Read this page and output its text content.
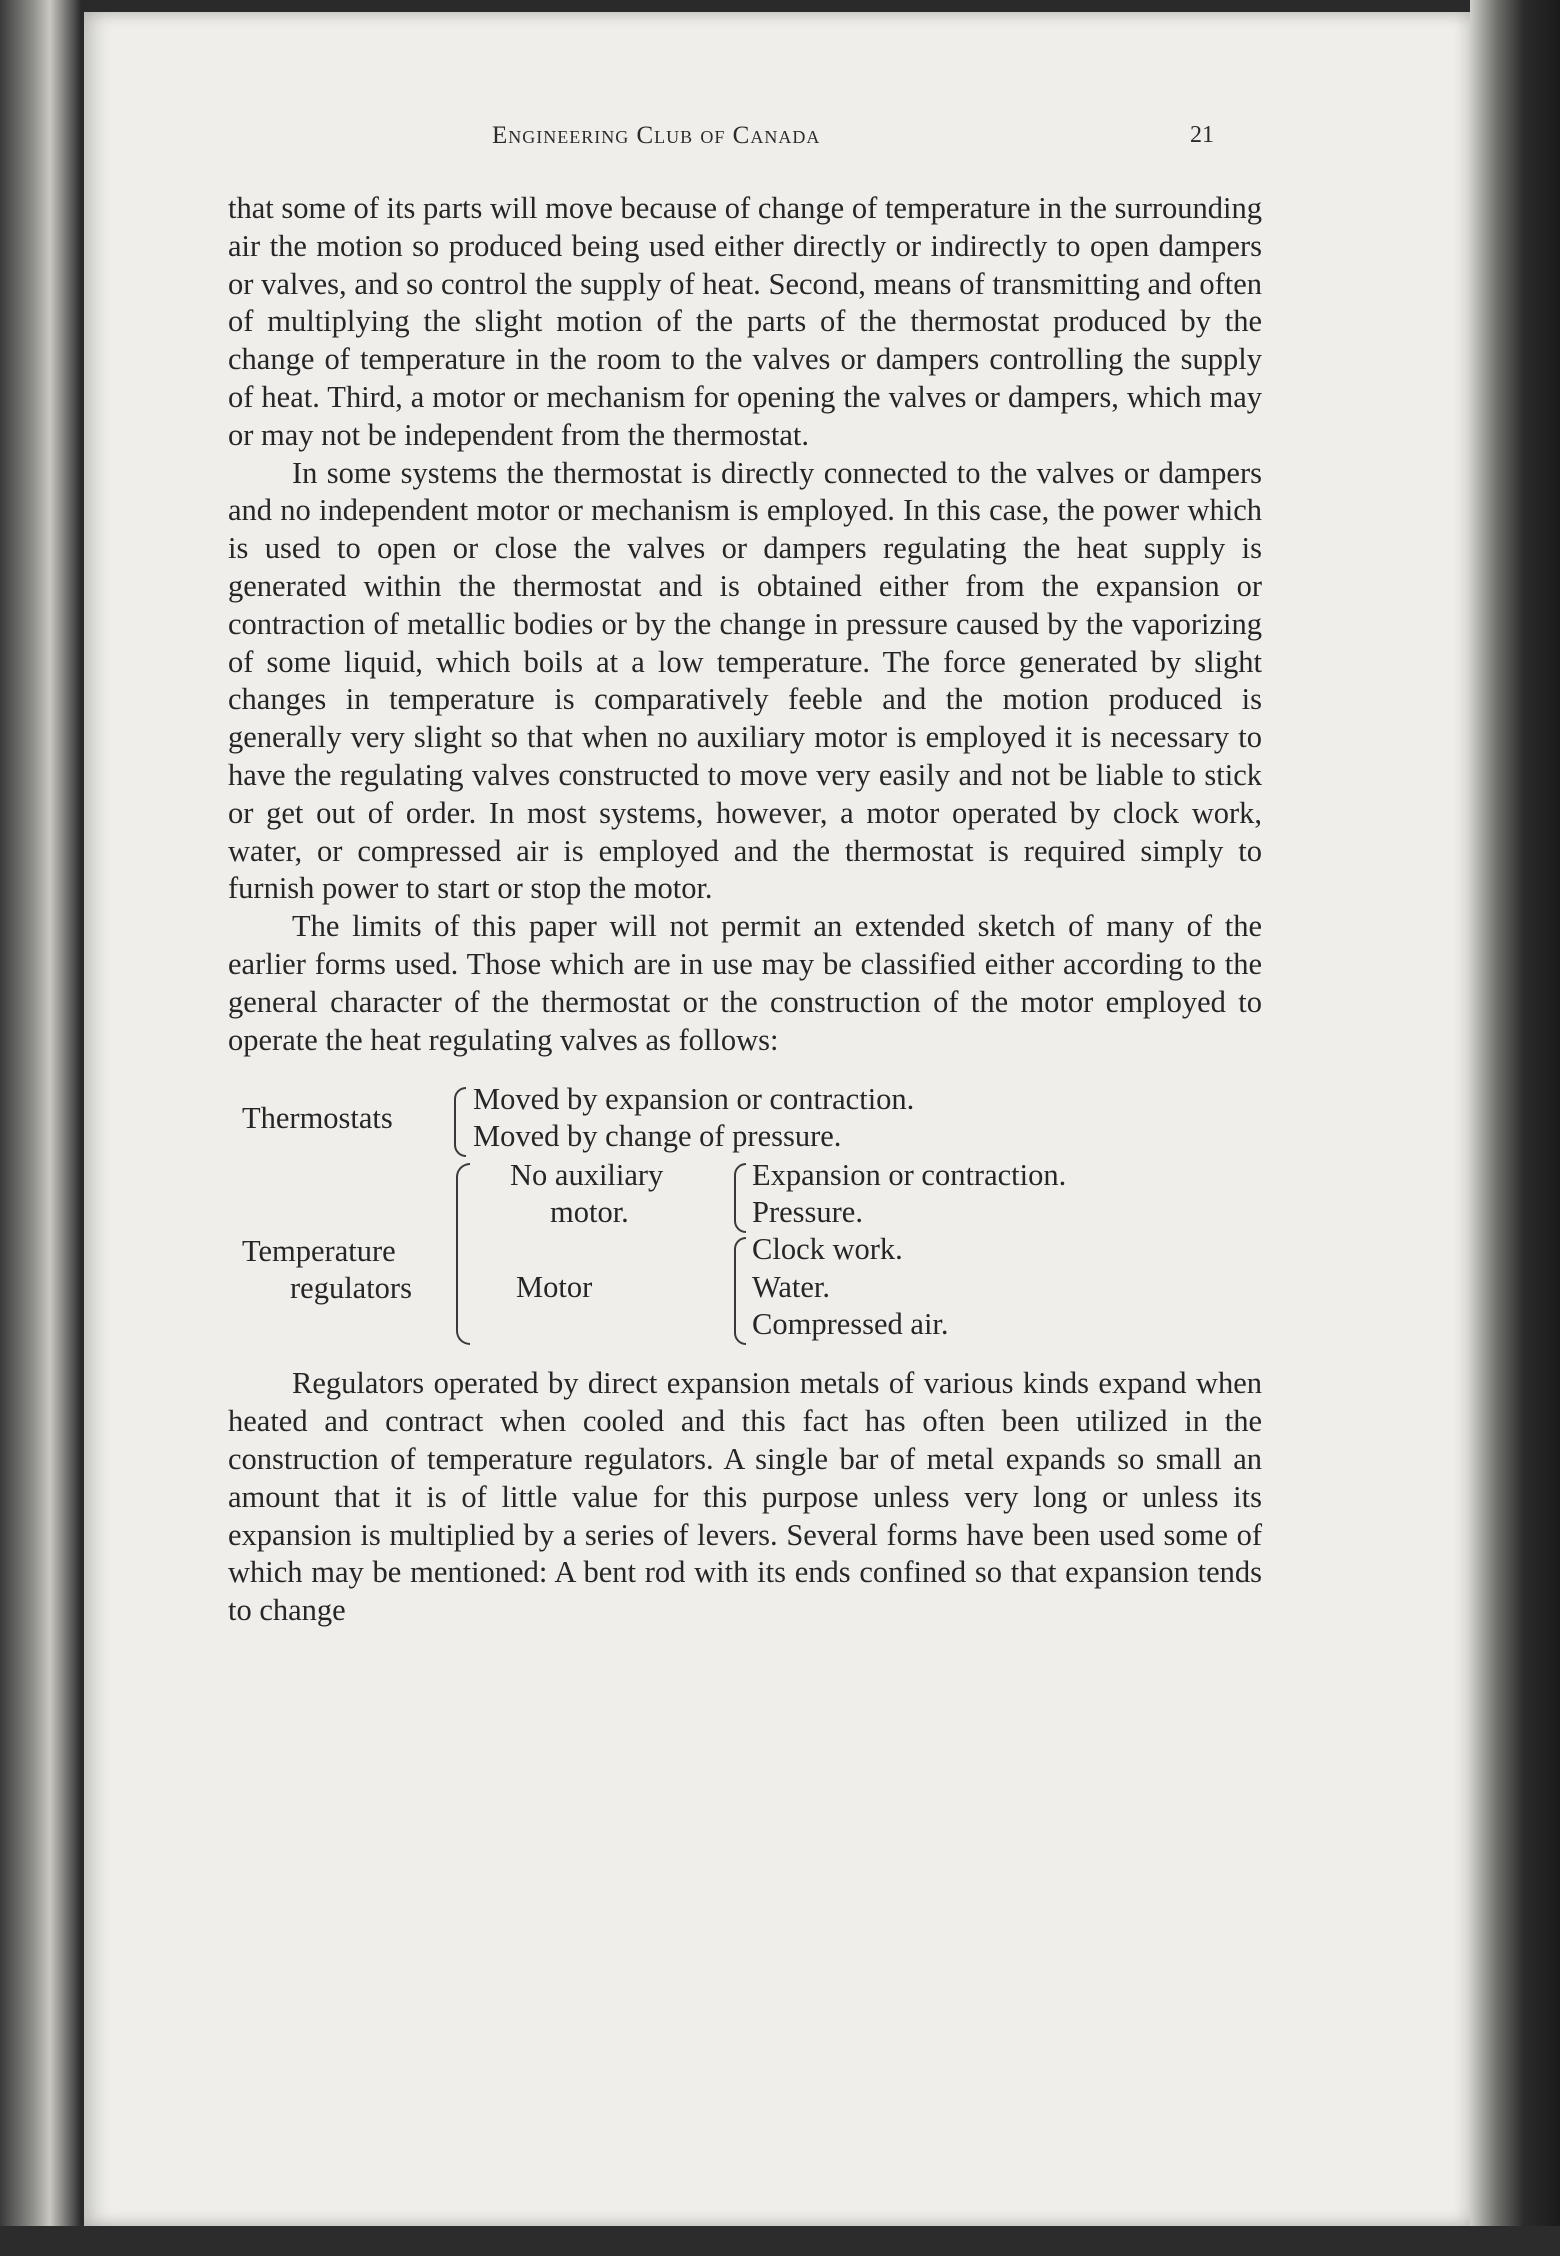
Engineering Club of Canada	21

that some of its parts will move because of change of temperature in the surrounding air the motion so produced being used either directly or indirectly to open dampers or valves, and so control the supply of heat. Second, means of transmitting and often of multiplying the slight motion of the parts of the thermostat produced by the change of temperature in the room to the valves or dampers controlling the supply of heat. Third, a motor or mechanism for opening the valves or dampers, which may or may not be independent from the thermostat.

In some systems the thermostat is directly connected to the valves or dampers and no independent motor or mechanism is employed. In this case, the power which is used to open or close the valves or dampers regulating the heat supply is generated within the thermostat and is obtained either from the expansion or contraction of metallic bodies or by the change in pressure caused by the vaporizing of some liquid, which boils at a low temperature. The force generated by slight changes in temperature is comparatively feeble and the motion produced is generally very slight so that when no auxiliary motor is employed it is necessary to have the regulating valves constructed to move very easily and not be liable to stick or get out of order. In most systems, however, a motor operated by clock work, water, or compressed air is employed and the thermostat is required simply to furnish power to start or stop the motor.

The limits of this paper will not permit an extended sketch of many of the earlier forms used. Those which are in use may be classified either according to the general character of the thermostat or the construction of the motor employed to operate the heat regulating valves as follows:

Thermostats
Moved by expansion or contraction.
Moved by change of pressure.
Temperature
regulators
No auxiliary
motor.
Expansion or contraction.
Pressure.
Motor
Clock work.
Water.
Compressed air.

Regulators operated by direct expansion metals of various kinds expand when heated and contract when cooled and this fact has often been utilized in the construction of temperature regulators. A single bar of metal expands so small an amount that it is of little value for this purpose unless very long or unless its expansion is multiplied by a series of levers. Several forms have been used some of which may be mentioned: A bent rod with its ends confined so that expansion tends to change
